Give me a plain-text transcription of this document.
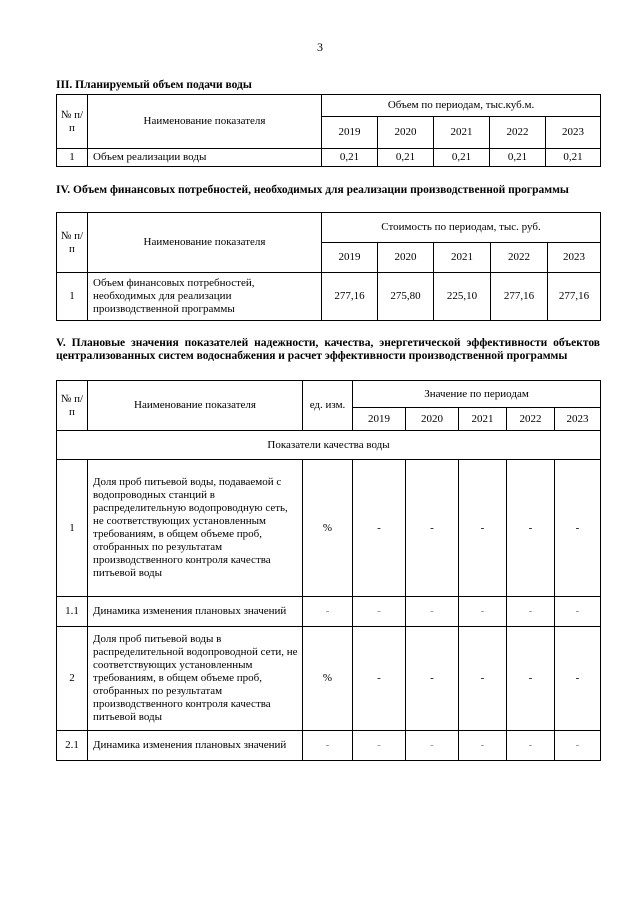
3
III. Планируемый объем подачи воды
№ п/п	Наименование показателя	Объем по периодам, тыс.куб.м.				
		2019	2020	2021	2022	2023
1	Объем реализации воды	0,21	0,21	0,21	0,21	0,21
IV. Объем финансовых потребностей, необходимых для реализации производственной программы
№ п/п	Наименование показателя	Стоимость по периодам, тыс. руб.				
		2019	2020	2021	2022	2023
1	Объем финансовых потребностей, необходимых для реализации производственной программы	277,16	275,80	225,10	277,16	277,16
V. Плановые значения показателей надежности, качества, энергетической эффективности объектов централизованных систем водоснабжения и расчет эффективности производственной программы
№ п/п	Наименование показателя	ед. изм.	Значение по периодам				
			2019	2020	2021	2022	2023
Показатели качества воды							
1	Доля проб питьевой воды, подаваемой с водопроводных станций в распределительную водопроводную сеть, не соответствующих установленным требованиям, в общем объеме проб, отобранных по результатам производственного контроля качества питьевой воды	%	-	-	-	-	-
1.1	Динамика изменения плановых значений	-	-	-	-	-	-
2	Доля проб питьевой воды в распределительной водопроводной сети, не соответствующих установленным требованиям, в общем объеме проб, отобранных по результатам производственного контроля качества питьевой воды	%	-	-	-	-	-
2.1	Динамика изменения плановых значений	-	-	-	-	-	-
